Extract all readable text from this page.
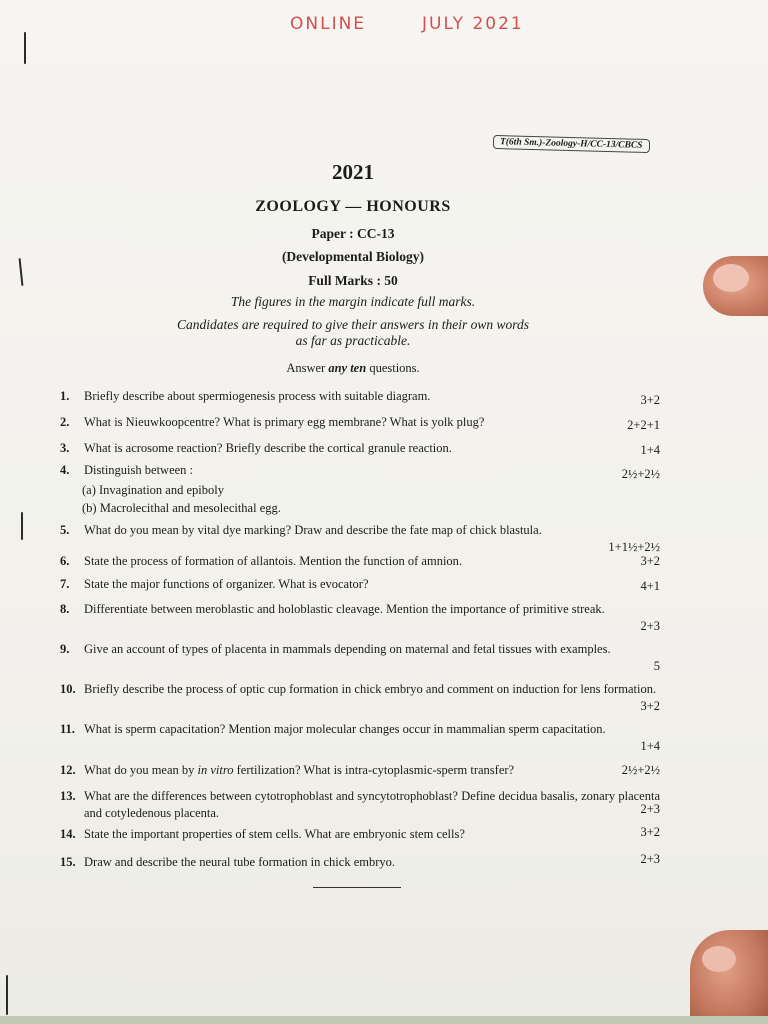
ONLINE	JULY 2021
T(6th Sm.)-Zoology-H/CC-13/CBCS
2021
ZOOLOGY — HONOURS
Paper : CC-13
(Developmental Biology)
Full Marks : 50
The figures in the margin indicate full marks.
Candidates are required to give their answers in their own words
as far as practicable.
Answer any ten questions.
1.	Briefly describe about spermiogenesis process with suitable diagram.	3+2
2.	What is Nieuwkoopcentre? What is primary egg membrane? What is yolk plug?	2+2+1
3.	What is acrosome reaction? Briefly describe the cortical granule reaction.	1+4
4.	Distinguish between :	2½+2½
(a) Invagination and epiboly
(b) Macrolecithal and mesolecithal egg.
5.	What do you mean by vital dye marking? Draw and describe the fate map of chick blastula.
1+1½+2½
6.	State the process of formation of allantois. Mention the function of amnion.	3+2
7.	State the major functions of organizer. What is evocator?	4+1
8.	Differentiate between meroblastic and holoblastic cleavage. Mention the importance of primitive streak.
2+3
9.	Give an account of types of placenta in mammals depending on maternal and fetal tissues with examples.
5
10. Briefly describe the process of optic cup formation in chick embryo and comment on induction for lens formation.
3+2
11. What is sperm capacitation? Mention major molecular changes occur in mammalian sperm capacitation.
1+4
12. What do you mean by in vitro fertilization? What is intra-cytoplasmic-sperm transfer?	2½+2½
13. What are the differences between cytotrophoblast and syncytotrophoblast? Define decidua basalis, zonary placenta and cotyledenous placenta.	2+3
14. State the important properties of stem cells. What are embryonic stem cells?	3+2
15. Draw and describe the neural tube formation in chick embryo.	2+3
